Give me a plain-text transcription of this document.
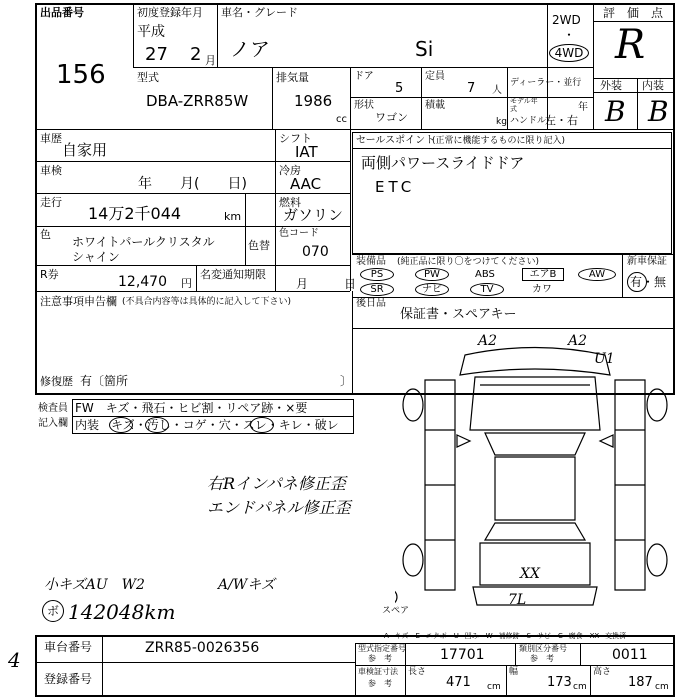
出品番号
156
初度登録年月
平成
27 2 月
車名・グレード
ノア	Si
2WD
・
4WD
評　価　点
R
外装 内装
B B
型式
DBA-ZRR85W
排気量
1986
cc
ドア
5
定員
7 人
ディーラー・並行
形状
ワゴン
積載
kg
モデル年式	年
ハンドル
左・右
車歴
自家用
シフト
IAT
車検
年　　月(　　日)
冷房
AAC
走行
14万2千044	km
燃料
ガソリン
色
ホワイトパールクリスタル
シャイン
色替
色コード
070
R券	12,470 円
名変通知期限
月　　　日
注意事項申告欄 (不具合内容等は具体的に記入して下さい)
修復歴 有〔箇所	〕
セールスポイント
(正常に機能するものに限り記入)
両側パワースライドドア
ETC
装備品 (純正品に限り〇をつけてください)	新車保証
有・無
PS	PW	ABS	エアB	AW
SR	ナビ	TV	カワ
後日品
保証書・スペアキー
検査員
記入欄
FW　キズ・飛石・ヒビ割・リペア跡・×要
内装　キズ・汚し・コゲ・穴・スレ・キレ・破レ
右Rインパネ修正歪
エンドパネル修正歪
小キズAU　W2	A/Wキズ
ボ 142048km
4
A2	A2
U1
XX
7L
スペア
A−キズ　E−エクボ　U−凹み　W−補修跡　S−サビ　C−腐食　XX−交換済
車台番号	ZRR85-0026356
登録番号
型式指定番号
参　考	17701	類別区分番号
参　考	0011
車検証寸法
参　考
長さ
471 cm
幅
173 cm
高さ
187 cm
